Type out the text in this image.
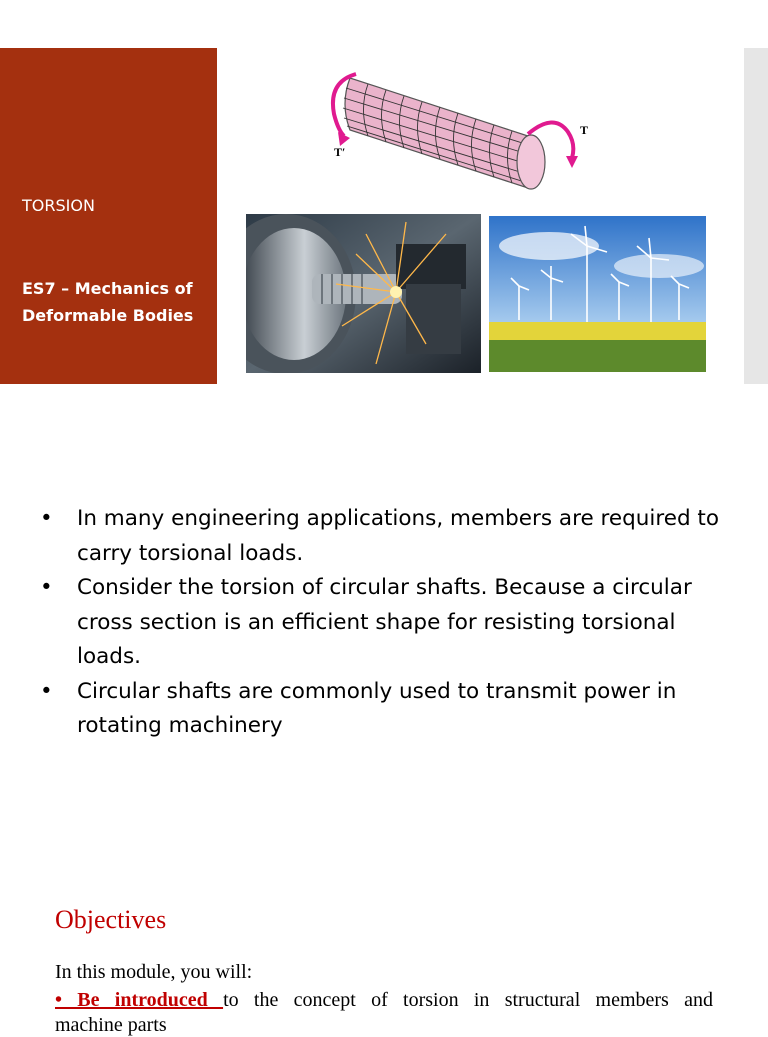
TORSION
ES7 – Mechanics of Deformable Bodies
T′
T
• In many engineering applications, members are required to carry torsional loads.
• Consider the torsion of circular shafts. Because a circular cross section is an efficient shape for resisting torsional loads.
• Circular shafts are commonly used to transmit power in rotating machinery
Objectives
In this module, you will:
• Be introduced to the concept of torsion in structural members and
machine parts
